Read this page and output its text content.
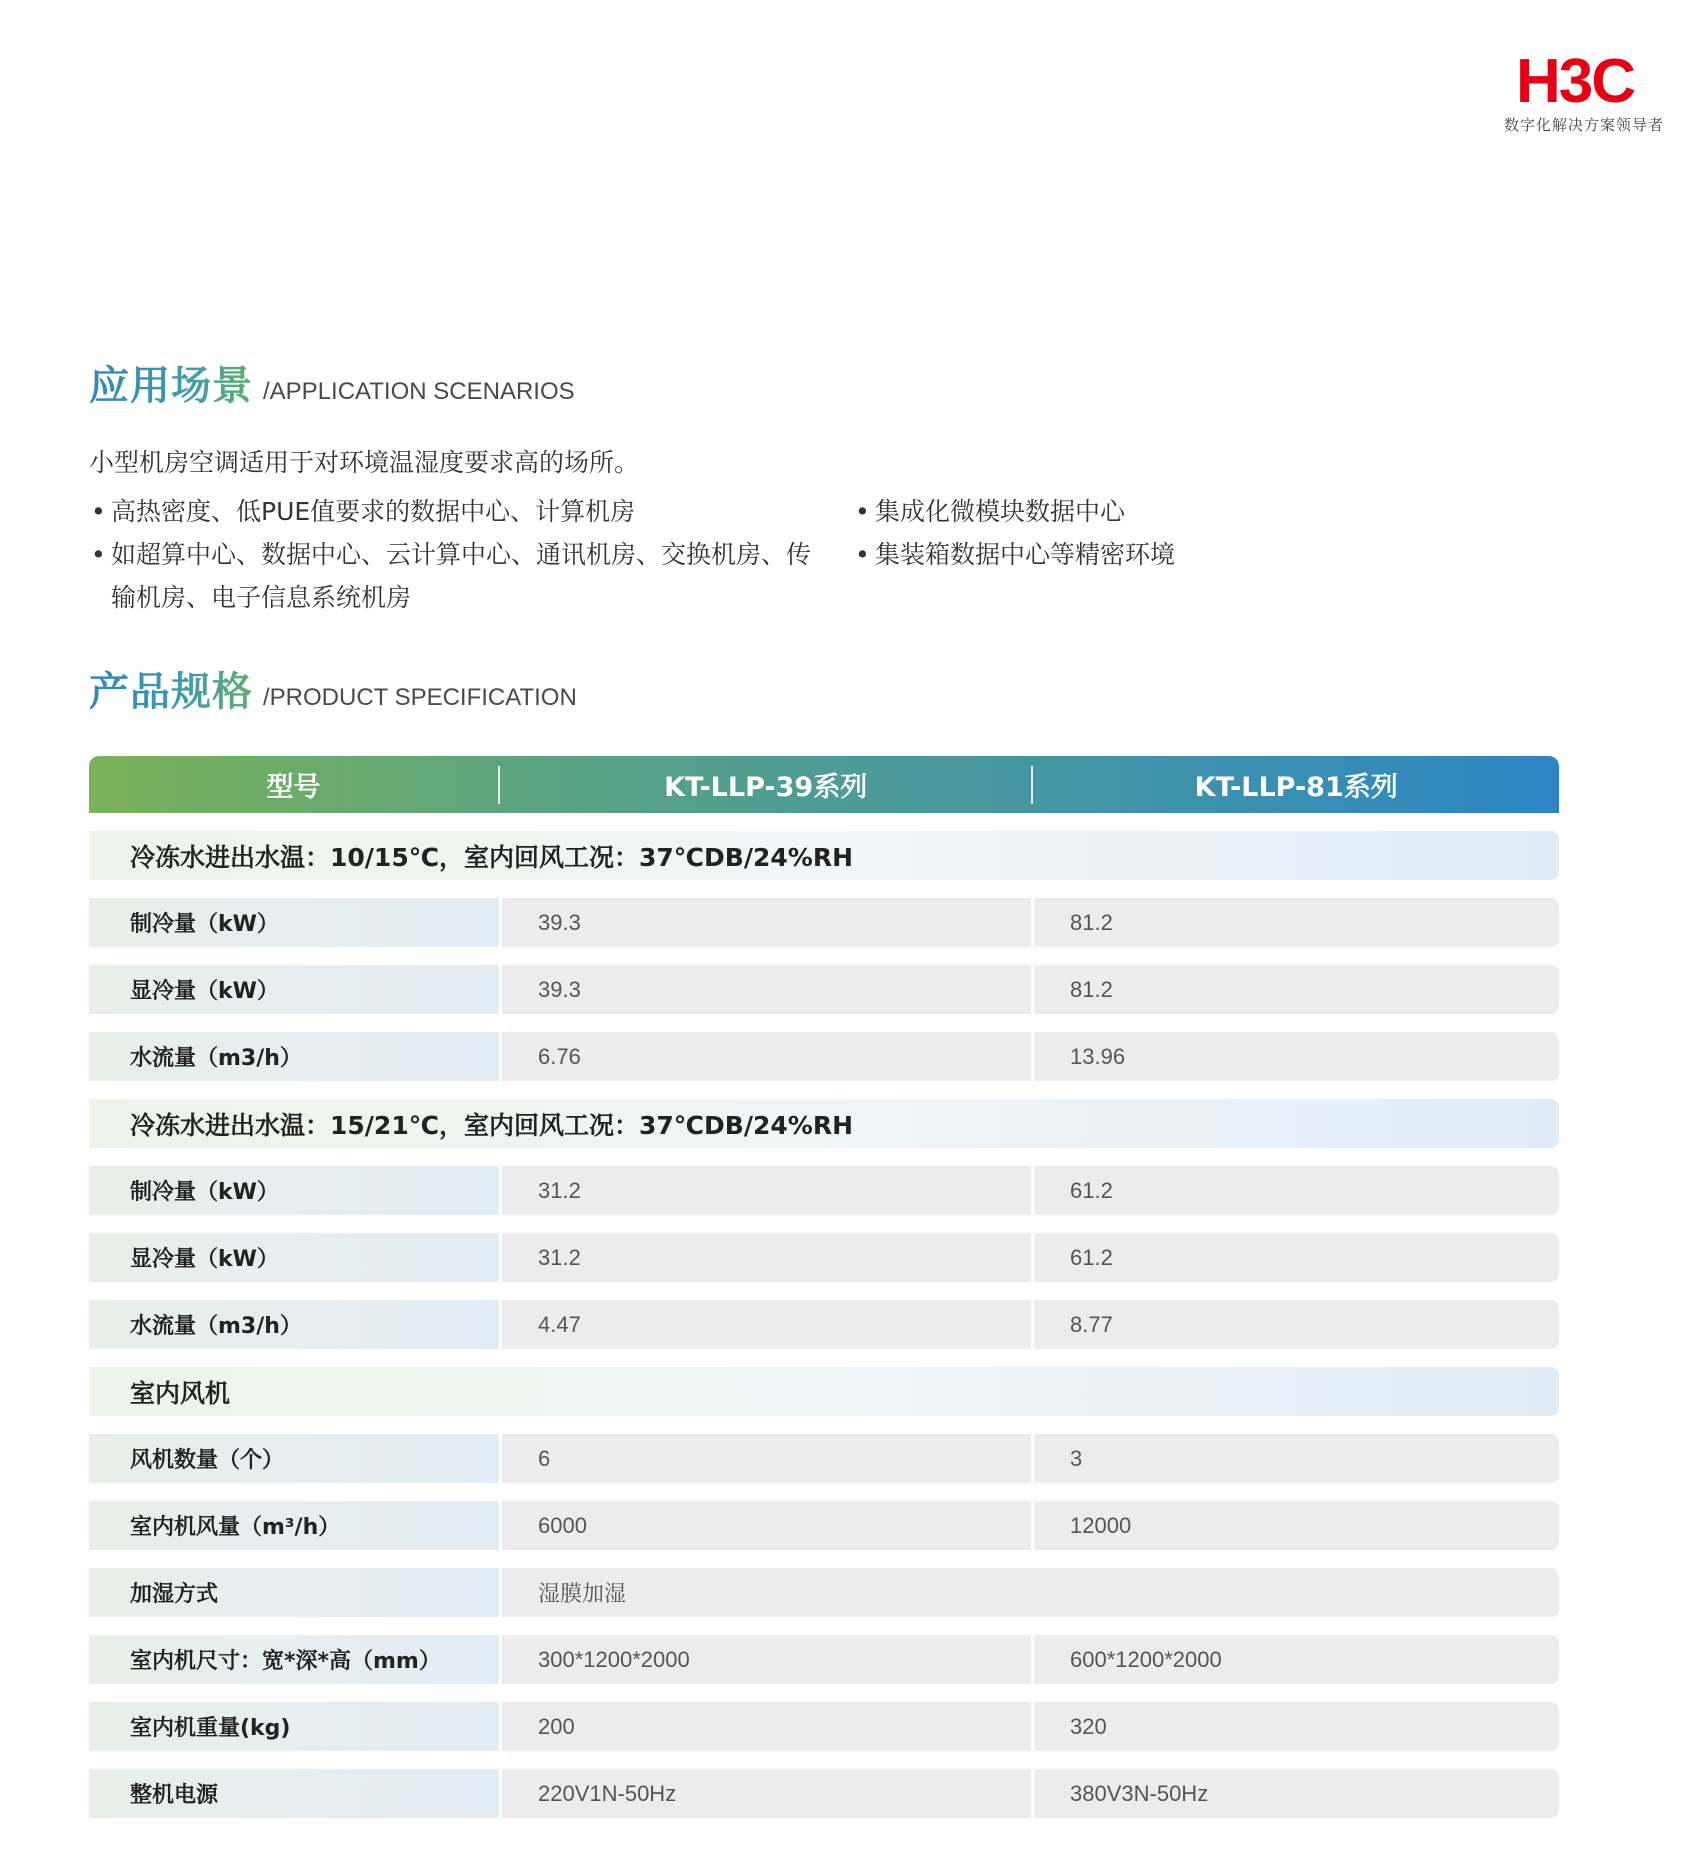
H3C
数字化解决方案领导者
应用场景 /APPLICATION SCENARIOS
小型机房空调适用于对环境温湿度要求高的场所。
• 高热密度、低PUE值要求的数据中心、计算机房
• 如超算中心、数据中心、云计算中心、通讯机房、交换机房、传输机房、电子信息系统机房
• 集成化微模块数据中心
• 集装箱数据中心等精密环境
产品规格 /PRODUCT SPECIFICATION
型号	KT-LLP-39系列	KT-LLP-81系列
冷冻水进出水温：10/15℃，室内回风工况：37℃DB/24%RH
制冷量（kW）	39.3	81.2
显冷量（kW）	39.3	81.2
水流量（m3/h）	6.76	13.96
冷冻水进出水温：15/21℃，室内回风工况：37℃DB/24%RH
制冷量（kW）	31.2	61.2
显冷量（kW）	31.2	61.2
水流量（m3/h）	4.47	8.77
室内风机
风机数量（个）	6	3
室内机风量（m³/h）	6000	12000
加湿方式	湿膜加湿
室内机尺寸：宽*深*高（mm）	300*1200*2000	600*1200*2000
室内机重量(kg)	200	320
整机电源	220V1N-50Hz	380V3N-50Hz
